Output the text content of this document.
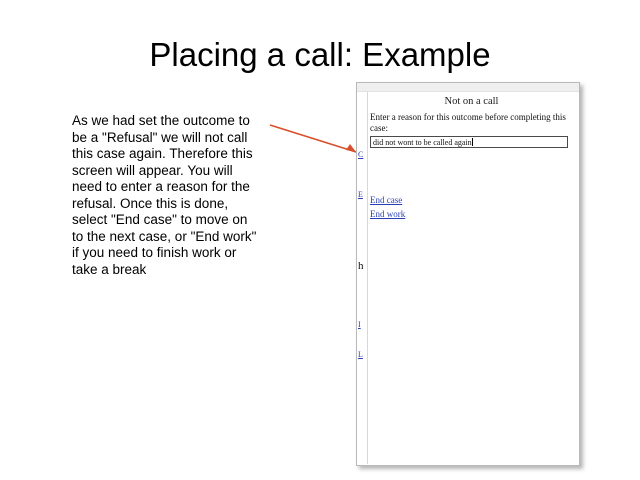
Placing a call: Example
As we had set the outcome to be a "Refusal" we will not call this case again. Therefore this screen will appear. You will need to enter a reason for the refusal. Once this is done, select "End case" to move on to the next case, or "End work" if you need to finish work or take a break
C
E
I
L
h
Not on a call
Enter a reason for this outcome before completing this case:
did not wont to be called again
End case
End work
